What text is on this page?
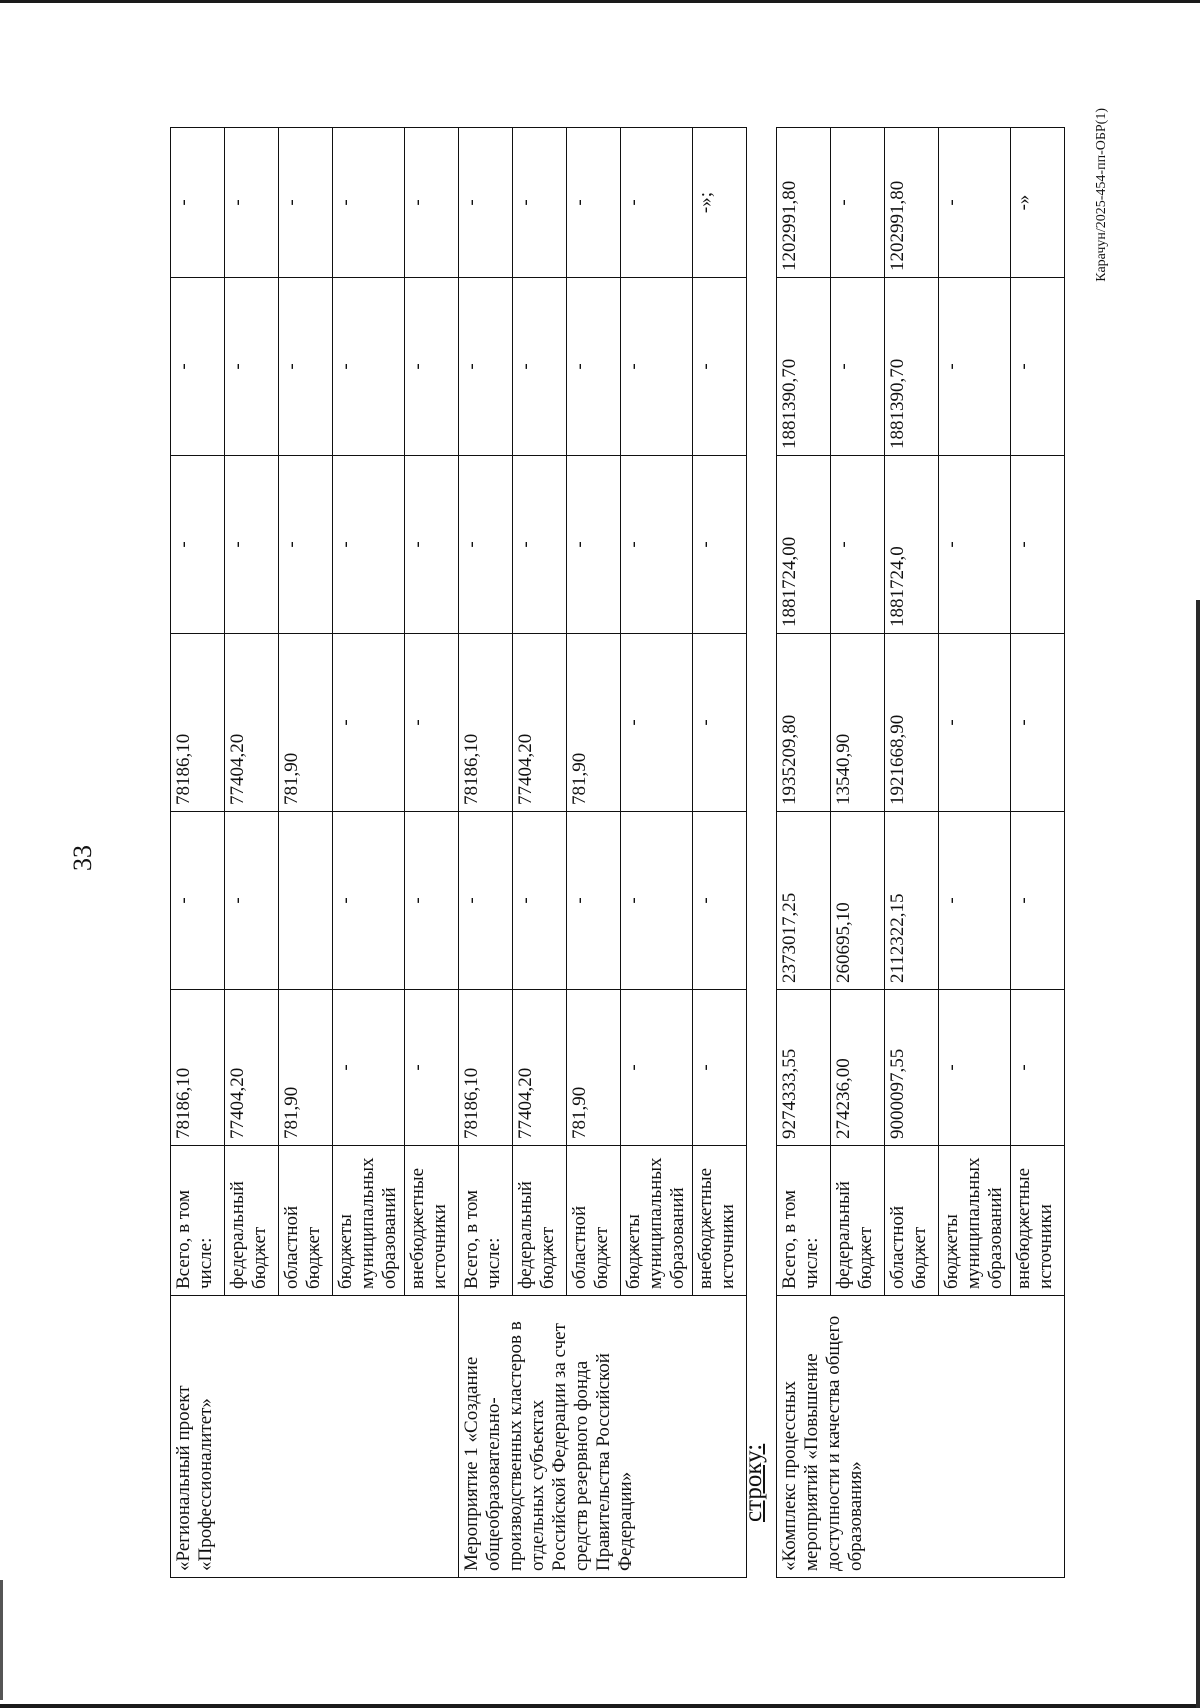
33
«Региональный проект «Профессионалитет»	Всего, в том числе:	78186,10	-	78186,10	-	-	-
	федеральный бюджет	77404,20	-	77404,20	-	-	-
	областной бюджет	781,90		781,90	-	-	-
	бюджеты муниципальных образований	-	-	-	-	-	-
	внебюджетные источники	-	-	-	-	-	-
Мероприятие 1 «Создание общеобразовательно-производственных кластеров в отдельных субъектах Российской Федерации за счет средств резервного фонда Правительства Российской Федерации»	Всего, в том числе:	78186,10	-	78186,10	-	-	-
	федеральный бюджет	77404,20	-	77404,20	-	-	-
	областной бюджет	781,90	-	781,90	-	-	-
	бюджеты муниципальных образований	-	-	-	-	-	-
	внебюджетные источники	-	-	-	-	-	-»;
строку: «Комплекс процессных мероприятий «Повышение доступности и качества общего образования»	Всего, в том числе:	9274333,55	2373017,25	1935209,80	1881724,00	1881390,70	1202991,80
	федеральный бюджет	274236,00	260695,10	13540,90	-	-	-
	областной бюджет	9000097,55	2112322,15	1921668,90	1881724,0	1881390,70	1202991,80
	бюджеты муниципальных образований	-	-	-	-	-	-
	внебюджетные источники	-	-	-	-	-	-»	Карачун/2025-454-пп-ОБР(1)
